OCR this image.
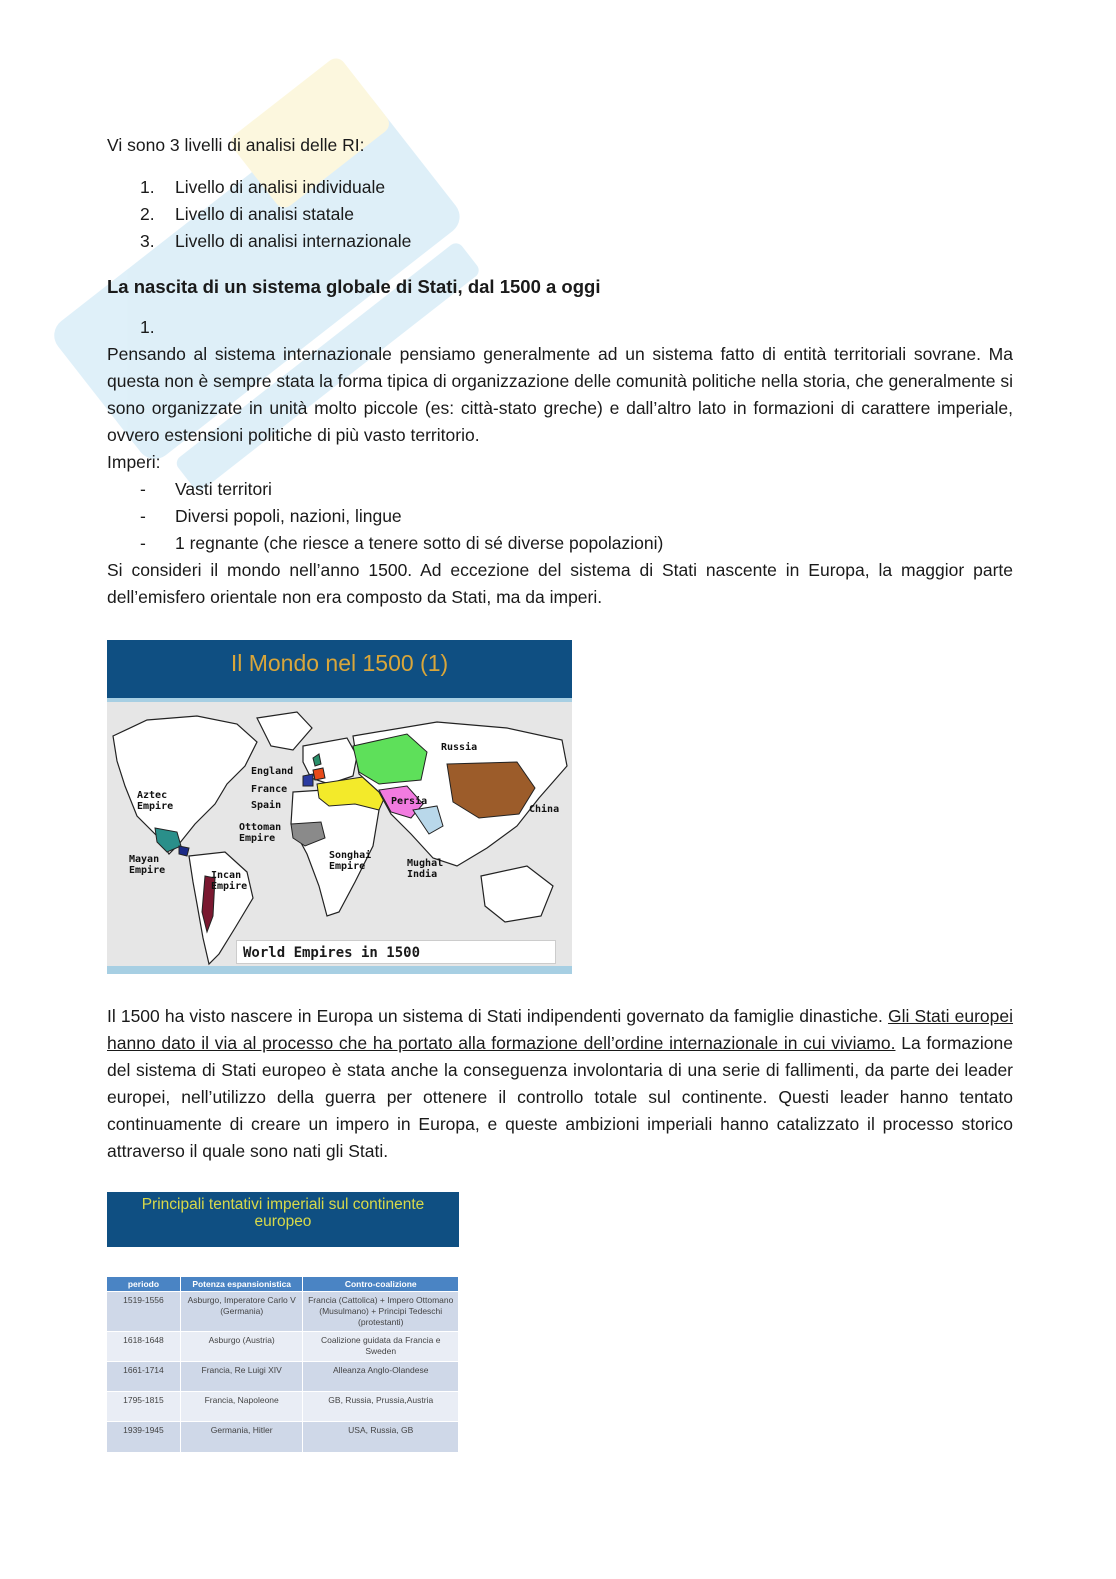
Vi sono 3 livelli di analisi delle RI:

1.	Livello di analisi individuale
2.	Livello di analisi statale
3.	Livello di analisi internazionale
La nascita di un sistema globale di Stati, dal 1500 a oggi
1.

Pensando al sistema internazionale pensiamo generalmente ad un sistema fatto di entità territoriali sovrane. Ma questa non è sempre stata la forma tipica di organizzazione delle comunità politiche nella storia, che generalmente si sono organizzate in unità molto piccole (es: città-stato greche) e dall’altro lato in formazioni di carattere imperiale, ovvero estensioni politiche di più vasto territorio.

Imperi:

- Vasti territori
- Diversi popoli, nazioni, lingue
- 1 regnante (che riesce a tenere sotto di sé diverse popolazioni)

Si consideri il mondo nell’anno 1500. Ad eccezione del sistema di Stati nascente in Europa, la maggior parte dell’emisfero orientale non era composto da Stati, ma da imperi.

Il Mondo nel 1500 (1)
Russia
England
France
Spain
Aztec
Empire
Ottoman
Empire
Persia
China
Mayan
Empire
Songhai
Empire	Mughal
India
Incan
Empire
World Empires in 1500

Il 1500 ha visto nascere in Europa un sistema di Stati indipendenti governato da famiglie dinastiche. Gli Stati europei hanno dato il via al processo che ha portato alla formazione dell’ordine internazionale in cui viviamo. La formazione del sistema di Stati europeo è stata anche la conseguenza involontaria di una serie di fallimenti, da parte dei leader europei, nell’utilizzo della guerra per ottenere il controllo totale sul continente. Questi leader hanno tentato continuamente di creare un impero in Europa, e queste ambizioni imperiali hanno catalizzato il processo storico attraverso il quale sono nati gli Stati.

Principali tentativi imperiali sul continente europeo
periodo	Potenza espansionistica	Contro-coalizione
1519-1556	Asburgo, Imperatore Carlo V (Germania)	Francia (Cattolica) + Impero Ottomano (Musulmano) + Principi Tedeschi (protestanti)
1618-1648	Asburgo (Austria)	Coalizione guidata da Francia e Sweden
1661-1714	Francia, Re Luigi XIV	Alleanza Anglo-Olandese
1795-1815	Francia, Napoleone	GB, Russia, Prussia,Austria
1939-1945	Germania, Hitler	USA, Russia, GB
